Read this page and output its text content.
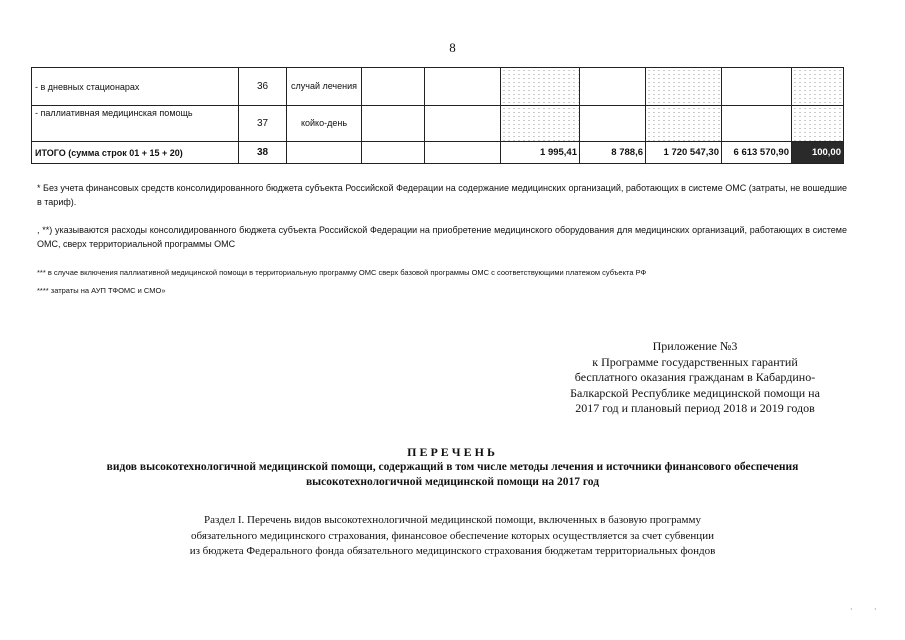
8
- в дневных стационарах	36	случай лечения							
- паллиативная медицинская помощь	37	койко-день							
ИТОГО (сумма строк 01 + 15 + 20)	38				1 995,41	8 788,6	1 720 547,30	6 613 570,90	100,00
* Без учета финансовых средств консолидированного бюджета субъекта Российской Федерации на содержание медицинских организаций, работающих в системе ОМС (затраты, не вошедшие в тариф).
, **) указываются расходы консолидированного бюджета субъекта Российской Федерации на приобретение медицинского оборудования для медицинских организаций, работающих в системе ОМС, сверх территориальной программы ОМС
*** в случае включения паллиативной медицинской помощи в территориальную программу ОМС сверх базовой программы ОМС с соответствующими платежом субъекта РФ
**** затраты на АУП ТФОМС и СМО»
Приложение №3
к Программе государственных гарантий
бесплатного оказания гражданам в Кабардино-
Балкарской Республике медицинской помощи на
2017 год и плановый период 2018 и 2019 годов
ПЕРЕЧЕНЬ
видов высокотехнологичной медицинской помощи, содержащий в том числе методы лечения и источники финансового обеспечения
высокотехнологичной медицинской помощи на 2017 год
Раздел I. Перечень видов высокотехнологичной медицинской помощи, включенных в базовую программу
обязательного медицинского страхования, финансовое обеспечение которых осуществляется за счет субвенции
из бюджета Федерального фонда обязательного медицинского страхования бюджетам территориальных фондов
·	·
